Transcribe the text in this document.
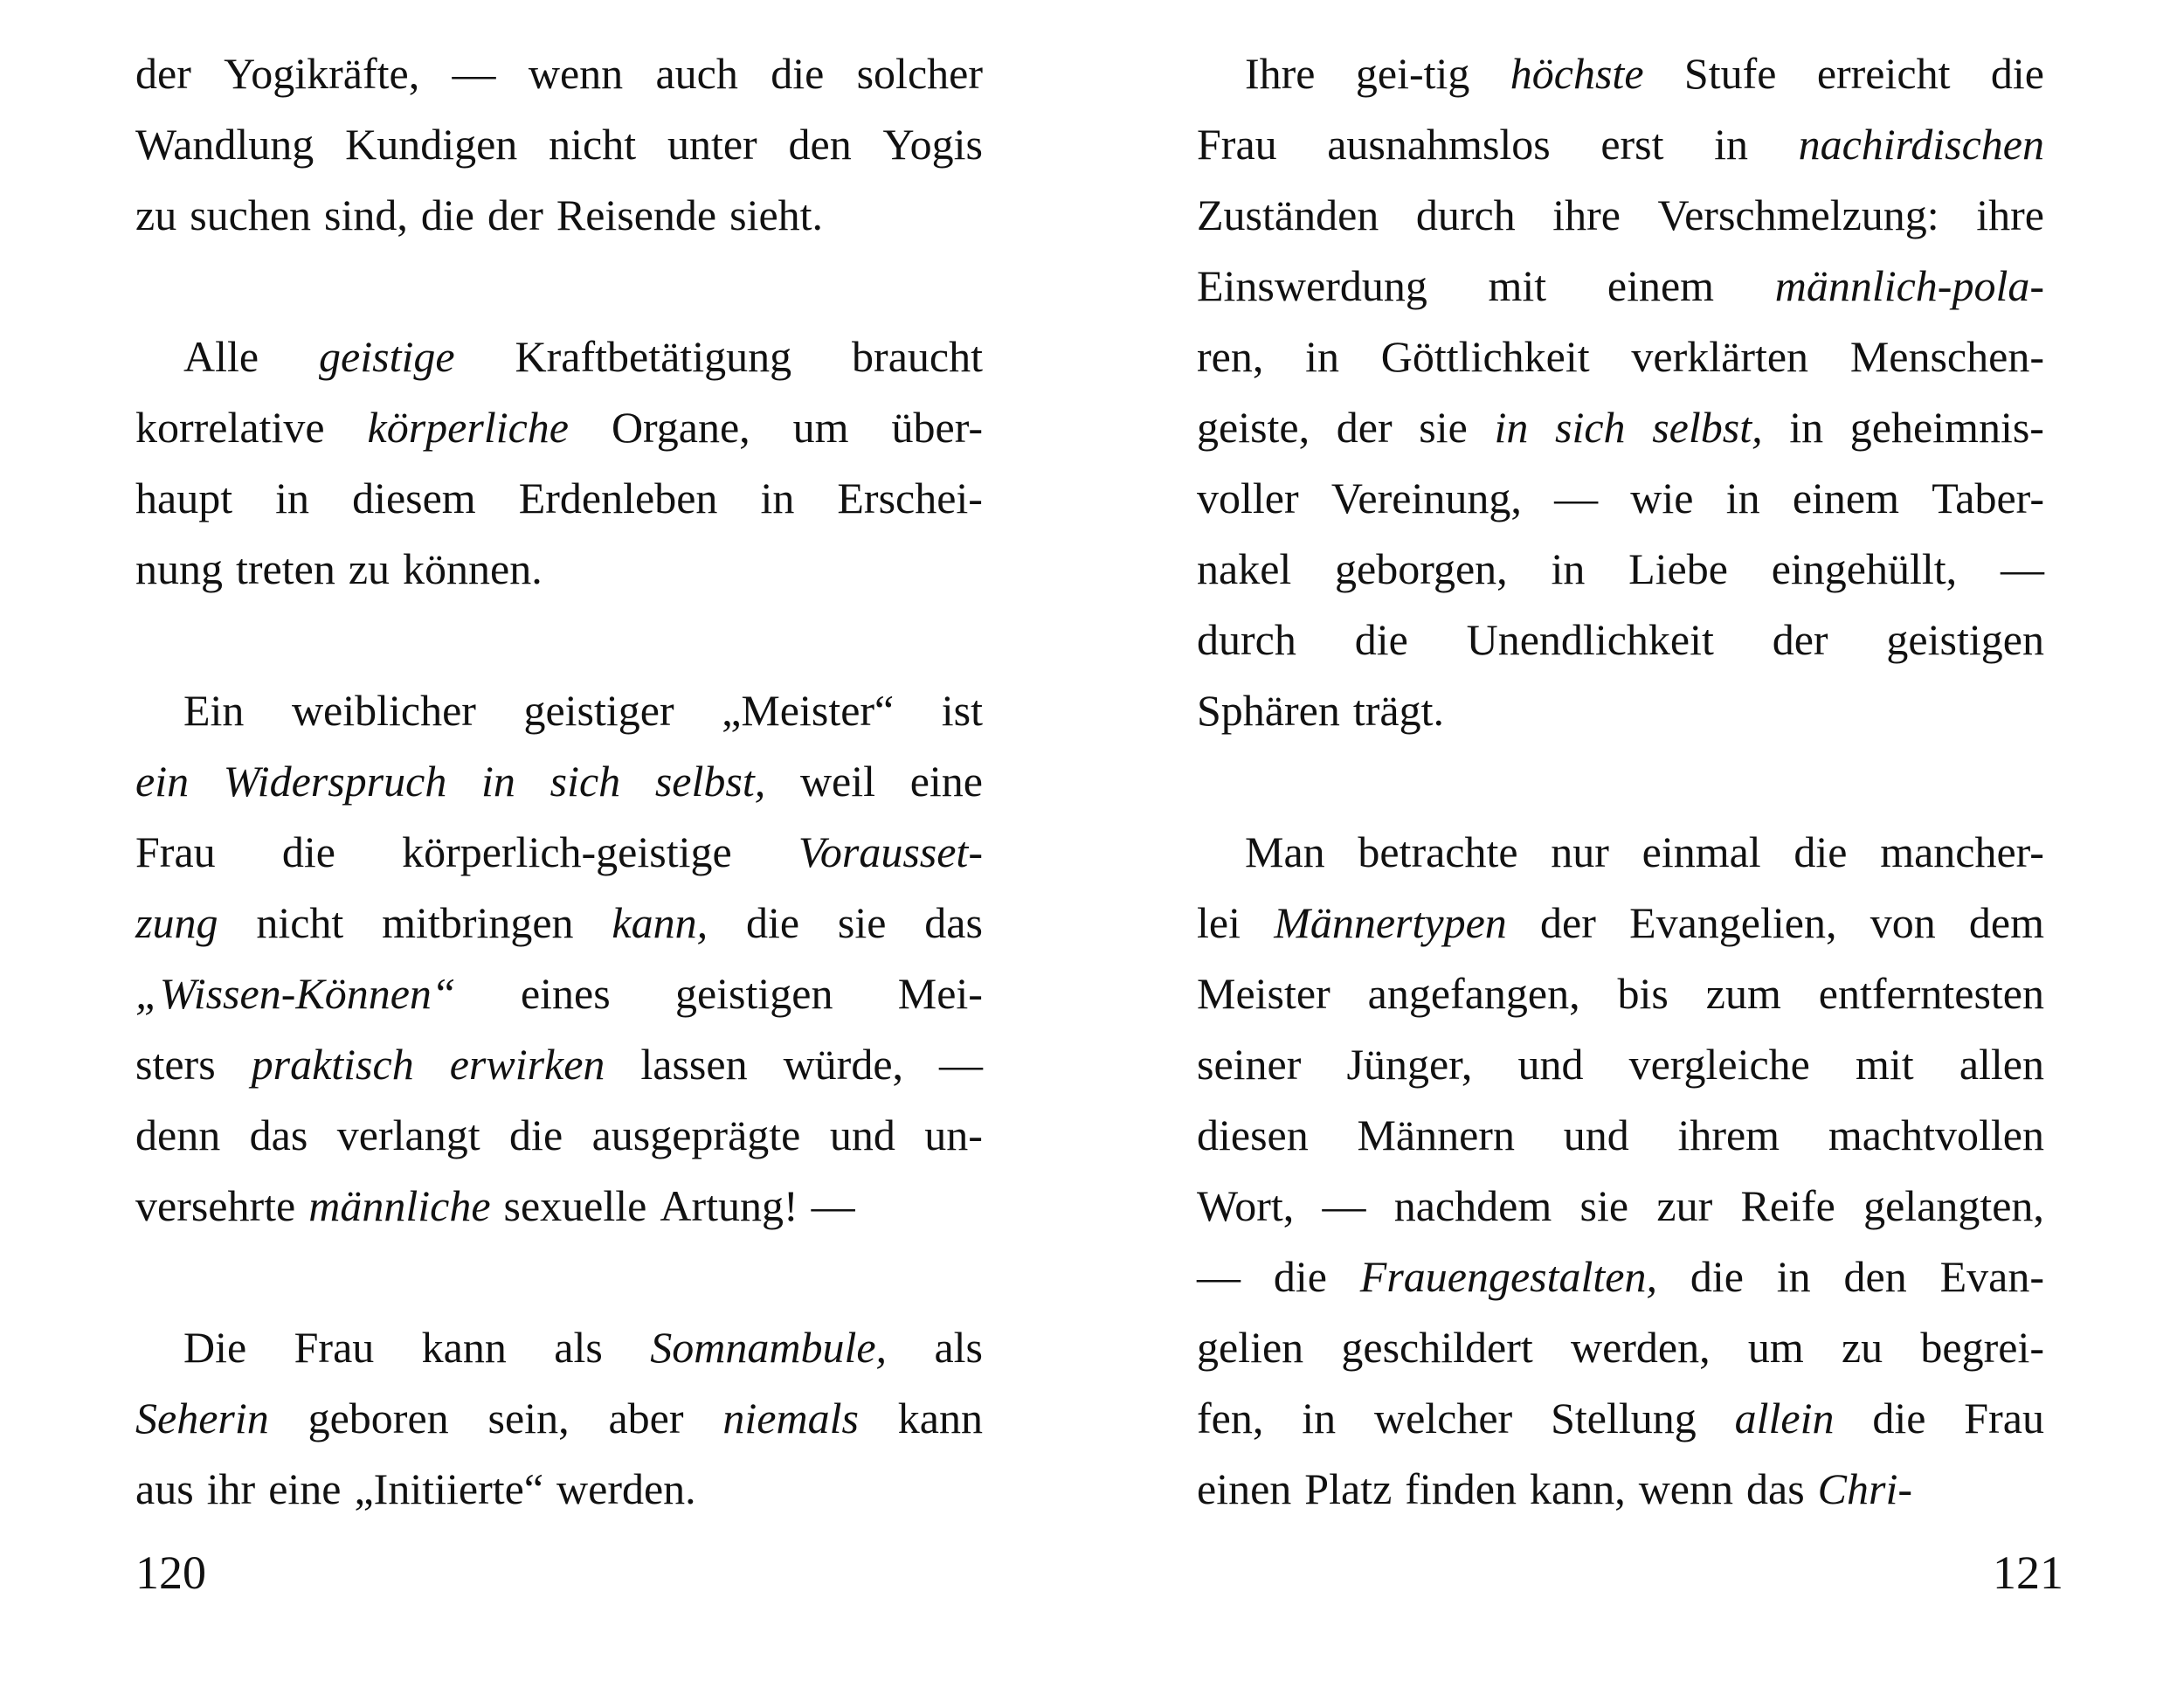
der Yogikräfte, — wenn auch die solcher
Wandlung Kundigen nicht unter den Yogis
zu suchen sind, die der Reisende sieht.
Alle geistige Kraftbetätigung braucht
korrelative körperliche Organe, um über-
haupt in diesem Erdenleben in Erschei-
nung treten zu können.
Ein weiblicher geistiger „Meister“ ist
ein Widerspruch in sich selbst, weil eine
Frau die körperlich-geistige Vorausset-
zung nicht mitbringen kann, die sie das
„Wissen-Können“ eines geistigen Mei-
sters praktisch erwirken lassen würde, —
denn das verlangt die ausgeprägte und un-
versehrte männliche sexuelle Artung! —
Die Frau kann als Somnambule, als
Seherin geboren sein, aber niemals kann
aus ihr eine „Initiierte“ werden.
Ihre gei-tig höchste Stufe erreicht die
Frau ausnahmslos erst in nachirdischen
Zuständen durch ihre Verschmelzung: ihre
Einswerdung mit einem männlich-pola-
ren, in Göttlichkeit verklärten Menschen-
geiste, der sie in sich selbst, in geheimnis-
voller Vereinung, — wie in einem Taber-
nakel geborgen, in Liebe eingehüllt, —
durch die Unendlichkeit der geistigen
Sphären trägt.
Man betrachte nur einmal die mancher-
lei Männertypen der Evangelien, von dem
Meister angefangen, bis zum entferntesten
seiner Jünger, und vergleiche mit allen
diesen Männern und ihrem machtvollen
Wort, — nachdem sie zur Reife gelangten,
— die Frauengestalten, die in den Evan-
gelien geschildert werden, um zu begrei-
fen, in welcher Stellung allein die Frau
einen Platz finden kann, wenn das Chri-
120	121
